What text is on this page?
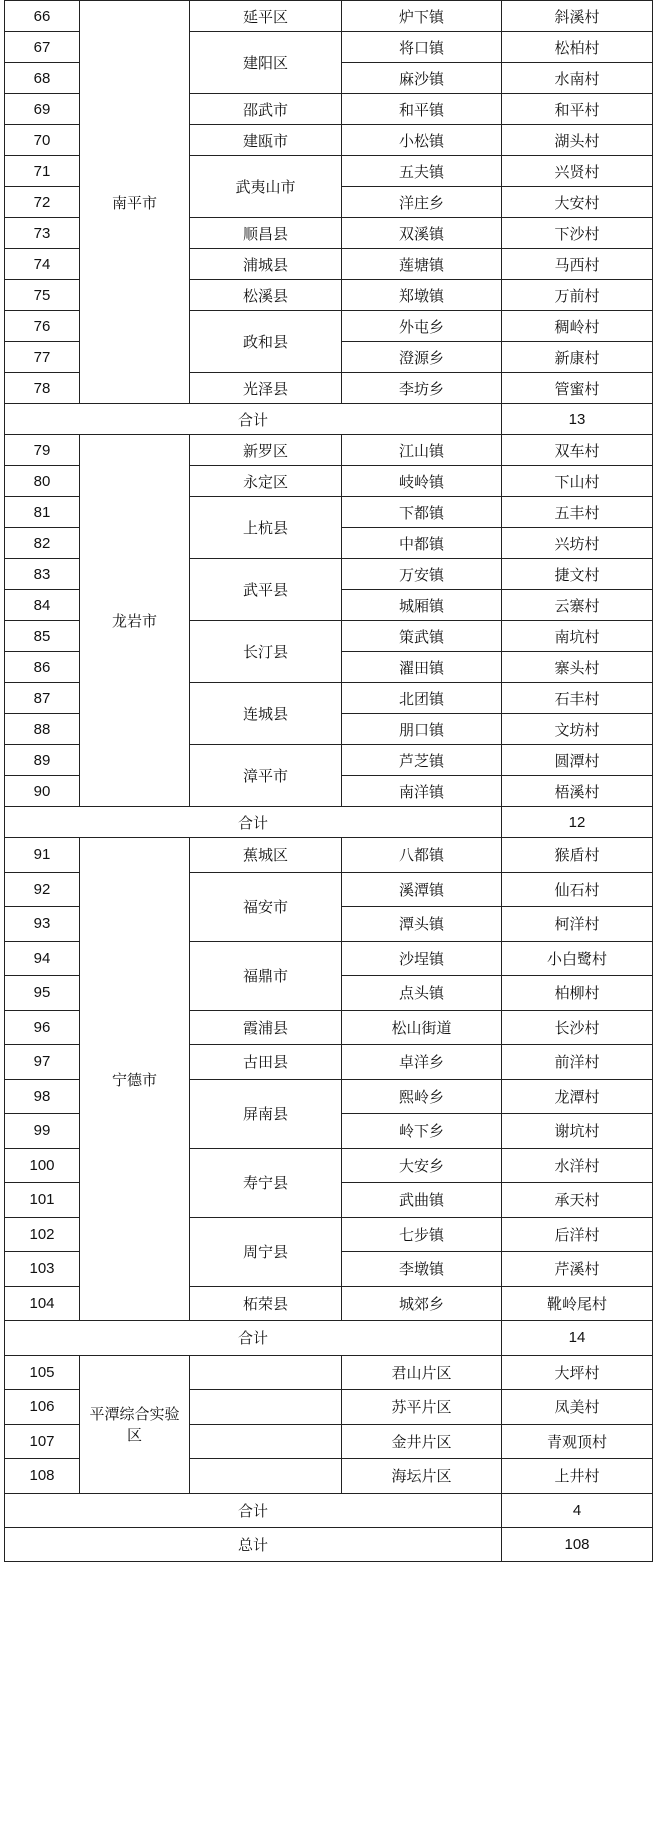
66	南平市	延平区	炉下镇	斜溪村
67		建阳区	将口镇	松柏村
68			麻沙镇	水南村
69		邵武市	和平镇	和平村
70		建瓯市	小松镇	湖头村
71		武夷山市	五夫镇	兴贤村
72			洋庄乡	大安村
73		顺昌县	双溪镇	下沙村
74		浦城县	莲塘镇	马西村
75		松溪县	郑墩镇	万前村
76		政和县	外屯乡	稠岭村
77			澄源乡	新康村
78		光泽县	李坊乡	管蜜村
合计				13
79	龙岩市	新罗区	江山镇	双车村
80		永定区	岐岭镇	下山村
81		上杭县	下都镇	五丰村
82			中都镇	兴坊村
83		武平县	万安镇	捷文村
84			城厢镇	云寨村
85		长汀县	策武镇	南坑村
86			濯田镇	寨头村
87		连城县	北团镇	石丰村
88			朋口镇	文坊村
89		漳平市	芦芝镇	圆潭村
90			南洋镇	梧溪村
合计				12
91	宁德市	蕉城区	八都镇	猴盾村
92		福安市	溪潭镇	仙石村
93			潭头镇	柯洋村
94		福鼎市	沙埕镇	小白鹭村
95			点头镇	柏柳村
96		霞浦县	松山街道	长沙村
97		古田县	卓洋乡	前洋村
98		屏南县	熙岭乡	龙潭村
99			岭下乡	谢坑村
100		寿宁县	大安乡	水洋村
101			武曲镇	承天村
102		周宁县	七步镇	后洋村
103			李墩镇	芹溪村
104		柘荣县	城郊乡	靴岭尾村
合计				14
105	平潭综合实验区		君山片区	大坪村
106			苏平片区	凤美村
107			金井片区	青观顶村
108			海坛片区	上井村
合计				4
总计				108
